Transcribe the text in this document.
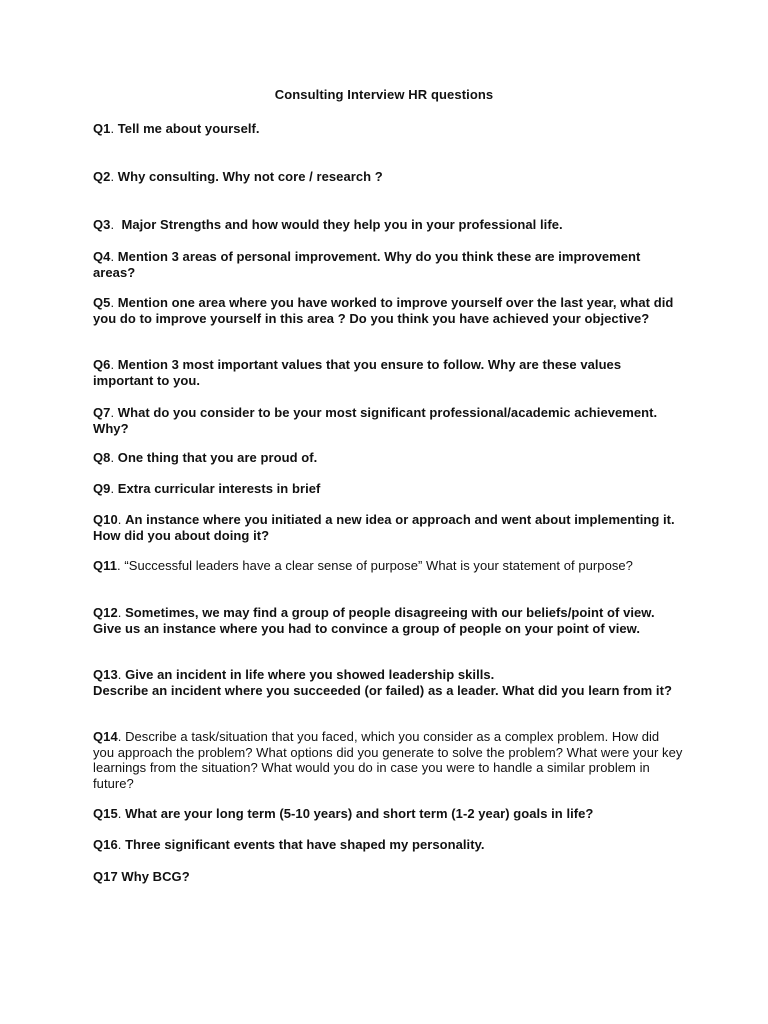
Consulting Interview HR questions
Q1. Tell me about yourself.
Q2. Why consulting. Why not core / research ?
Q3.  Major Strengths and how would they help you in your professional life.
Q4. Mention 3 areas of personal improvement. Why do you think these are improvement areas?
Q5. Mention one area where you have worked to improve yourself over the last year, what did you do to improve yourself in this area ? Do you think you have achieved your objective?
Q6. Mention 3 most important values that you ensure to follow. Why are these values important to you.
Q7. What do you consider to be your most significant professional/academic achievement. Why?
Q8. One thing that you are proud of.
Q9. Extra curricular interests in brief
Q10. An instance where you initiated a new idea or approach and went about implementing it. How did you about doing it?
Q11. “Successful leaders have a clear sense of purpose” What is your statement of purpose?
Q12. Sometimes, we may find a group of people disagreeing with our beliefs/point of view. Give us an instance where you had to convince a group of people on your point of view.
Q13. Give an incident in life where you showed leadership skills.
Describe an incident where you succeeded (or failed) as a leader. What did you learn from it?
Q14. Describe a task/situation that you faced, which you consider as a complex problem. How did you approach the problem? What options did you generate to solve the problem? What were your key learnings from the situation? What would you do in case you were to handle a similar problem in future?
Q15. What are your long term (5-10 years) and short term (1-2 year) goals in life?
Q16. Three significant events that have shaped my personality.
Q17 Why BCG?
